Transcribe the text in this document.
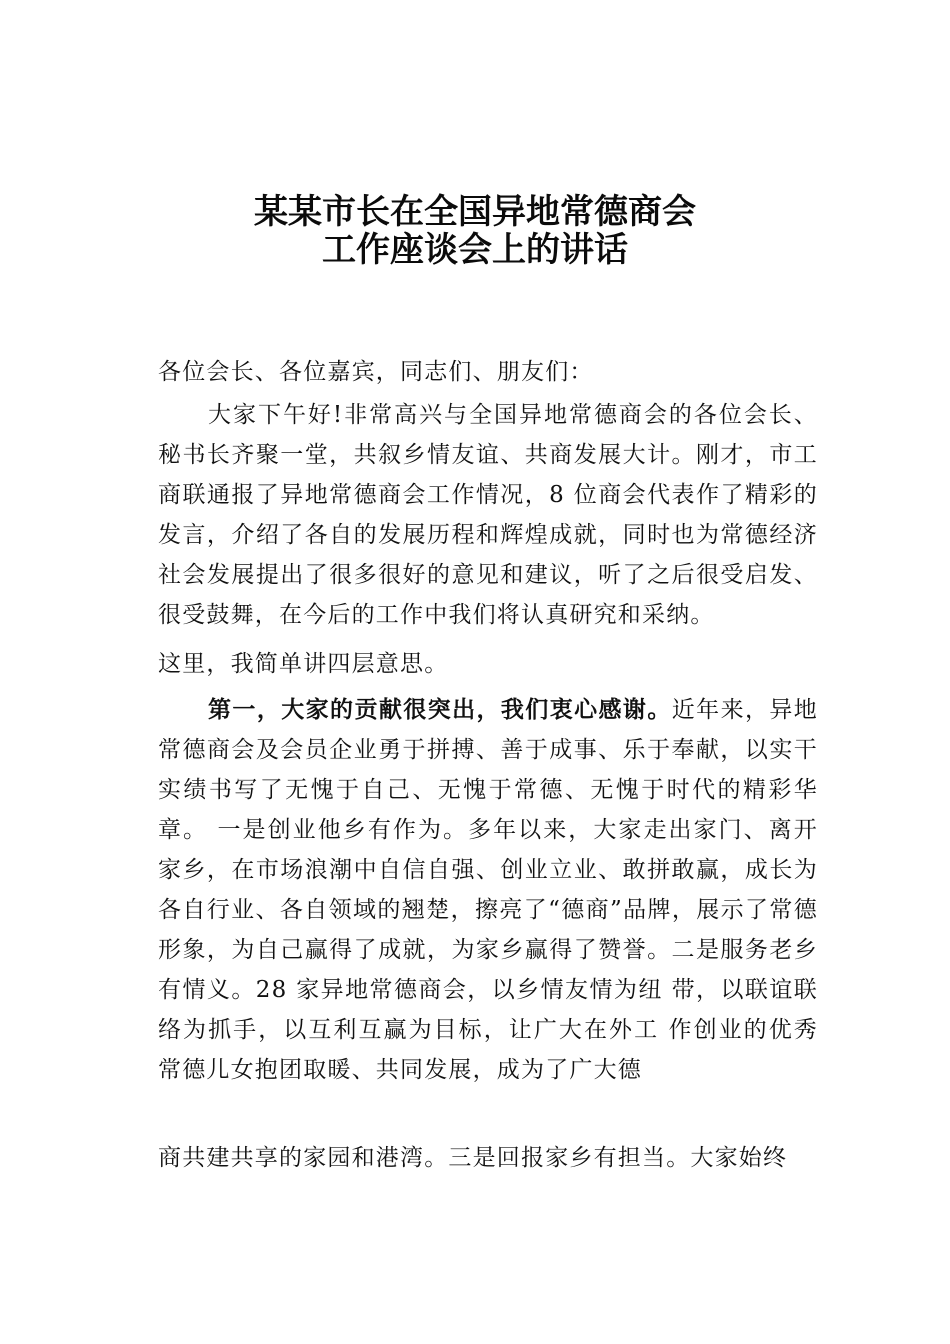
某某市长在全国异地常德商会
工作座谈会上的讲话
各位会长、各位嘉宾，同志们、朋友们：
大家下午好!非常高兴与全国异地常德商会的各位会长、秘书长齐聚一堂，共叙乡情友谊、共商发展大计。刚才，市工商联通报了异地常德商会工作情况，8 位商会代表作了精彩的发言，介绍了各自的发展历程和辉煌成就，同时也为常德经济社会发展提出了很多很好的意见和建议，听了之后很受启发、很受鼓舞，在今后的工作中我们将认真研究和采纳。
这里，我简单讲四层意思。
第一，大家的贡献很突出，我们衷心感谢。近年来，异地常德商会及会员企业勇于拼搏、善于成事、乐于奉献，以实干实绩书写了无愧于自己、无愧于常德、无愧于时代的精彩华章。 一是创业他乡有作为。多年以来，大家走出家门、离开家乡，在市场浪潮中自信自强、创业立业、敢拼敢赢，成长为各自行业、各自领域的翘楚，擦亮了“德商”品牌，展示了常德形象，为自己赢得了成就，为家乡赢得了赞誉。二是服务老乡有情义。28 家异地常德商会，以乡情友情为纽 带，以联谊联络为抓手，以互利互赢为目标，让广大在外工 作创业的优秀常德儿女抱团取暖、共同发展，成为了广大德
商共建共享的家园和港湾。三是回报家乡有担当。大家始终
